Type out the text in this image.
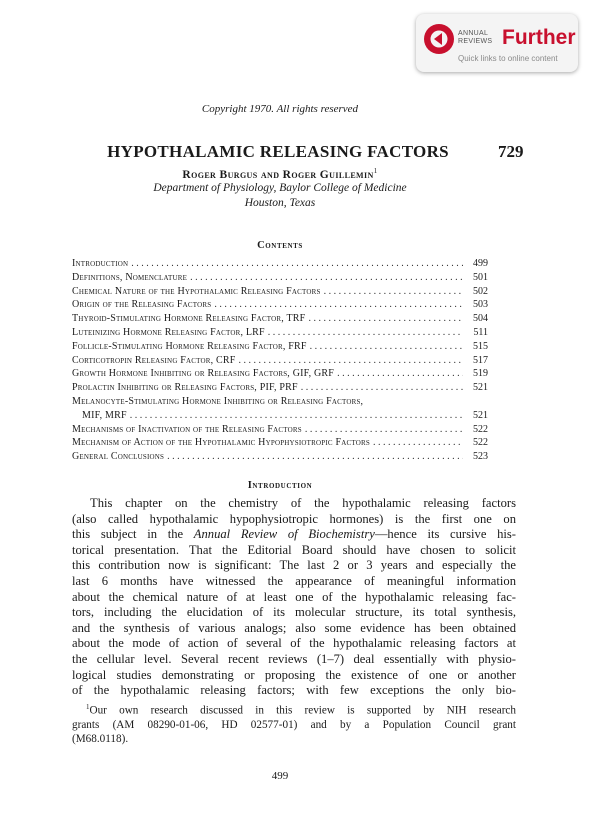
ANNUAL
REVIEWS Further
Quick links to online content
Copyright 1970. All rights reserved
HYPOTHALAMIC RELEASING FACTORS	729
Roger Burgus and Roger Guillemin$^1$
Department of Physiology, Baylor College of Medicine
Houston, Texas
Contents
Introduction .....	499
Definitions, Nomenclature .....	501
Chemical Nature of the Hypothalamic Releasing Factors .....	502
Origin of the Releasing Factors .....	503
Thyroid-Stimulating Hormone Releasing Factor, TRF .....	504
Luteinizing Hormone Releasing Factor, LRF .....	511
Follicle-Stimulating Hormone Releasing Factor, FRF .....	515
Corticotropin Releasing Factor, CRF .....	517
Growth Hormone Inhibiting or Releasing Factors, GIF, GRF .....	519
Prolactin Inhibiting or Releasing Factors, PIF, PRF .....	521
Melanocyte-Stimulating Hormone Inhibiting or Releasing Factors,
MIF, MRF .....	521
Mechanisms of Inactivation of the Releasing Factors .....	522
Mechanism of Action of the Hypothalamic Hypophysiotropic Factors .....	522
General Conclusions .....	523
Introduction
This chapter on the chemistry of the hypothalamic releasing factors
(also called hypothalamic hypophysiotropic hormones) is the first one on
this subject in the Annual Review of Biochemistry—hence its cursive his-
torical presentation. That the Editorial Board should have chosen to solicit
this contribution now is significant: The last 2 or 3 years and especially the
last 6 months have witnessed the appearance of meaningful information
about the chemical nature of at least one of the hypothalamic releasing fac-
tors, including the elucidation of its molecular structure, its total synthesis,
and the synthesis of various analogs; also some evidence has been obtained
about the mode of action of several of the hypothalamic releasing factors at
the cellular level. Several recent reviews (1–7) deal essentially with physio-
logical studies demonstrating or proposing the existence of one or another
of the hypothalamic releasing factors; with few exceptions the only bio-
$^1$Our own research discussed in this review is supported by NIH research
grants (AM 08290-01-06, HD 02577-01) and by a Population Council grant
(M68.0118).
499
